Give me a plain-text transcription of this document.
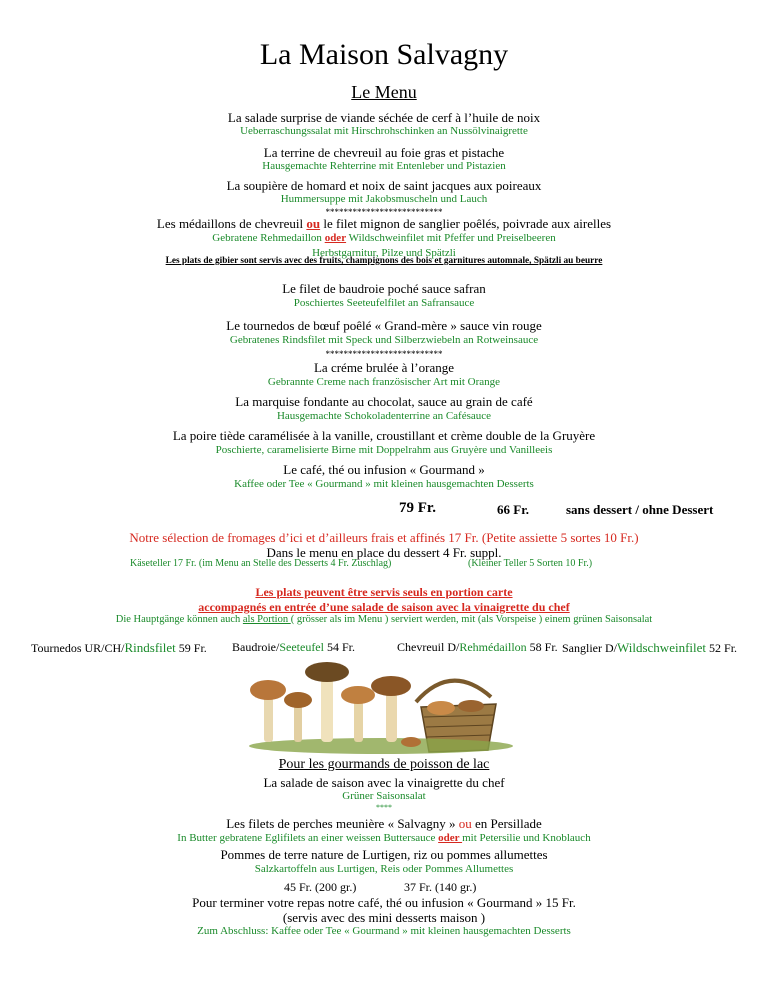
La Maison Salvagny
Le Menu
La salade surprise de viande séchée de cerf à l’huile de noix
Ueberraschungssalat mit Hirschrohschinken an Nussölvinaigrette
La terrine de chevreuil au foie gras et pistache
Hausgemachte Rehterrine mit Entenleber und Pistazien
La soupière de homard et noix de saint jacques aux poireaux
Hummersuppe mit Jakobsmuscheln und Lauch
**************************
Les médaillons de chevreuil ou le filet mignon de sanglier poêlés, poivrade aux airelles
Gebratene Rehmedaillon oder Wildschweinfilet mit Pfeffer und Preiselbeeren
Herbstgarnitur, Pilze und Spätzli
Les plats de gibier sont servis avec des fruits, champignons des bois et garnitures automnale, Spätzli au beurre
Le filet de baudroie poché sauce safran
Poschiertes Seeteufelfilet an Safransauce
Le tournedos de bœuf poêlé « Grand-mère » sauce vin rouge
Gebratenes Rindsfilet mit Speck und Silberzwiebeln an Rotweinsauce
**************************
La créme brulée à l’orange
Gebrannte Creme nach französischer Art mit Orange
La marquise fondante au chocolat, sauce au grain de café
Hausgemachte Schokoladenterrine an Cafésauce
La poire tiède caramélisée à la vanille, croustillant et crème double de la Gruyère
Poschierte, caramelisierte Birne mit Doppelrahm aus Gruyère und Vanilleeis
Le café, thé ou infusion « Gourmand »
Kaffee oder Tee « Gourmand » mit kleinen hausgemachten Desserts
79 Fr.	66 Fr.	sans dessert / ohne Dessert
Notre sélection de fromages d’ici et d’ailleurs frais et affinés 17 Fr. (Petite assiette 5 sortes 10 Fr.)
Dans le menu en place du dessert 4 Fr. suppl.
Käseteller 17 Fr. (im Menu an Stelle des Desserts 4 Fr. Zuschlag)	(Kleiner Teller 5 Sorten 10 Fr.)
Les plats peuvent être servis seuls en portion carte
accompagnés en entrée d’une salade de saison avec la vinaigrette du chef
Die Hauptgänge können auch als Portion ( grösser als im Menu ) serviert werden, mit (als Vorspeise ) einem grünen Saisonsalat
Tournedos UR/CH/Rindsfilet 59 Fr. Baudroie/Seeteufel 54 Fr.	Chevreuil D/Rehmédaillon 58 Fr. Sanglier D/Wildschweinfilet 52 Fr.
Pour les gourmands de poisson de lac
La salade de saison avec la vinaigrette du chef
Grüner Saisonsalat
****
Les filets de perches meunière « Salvagny » ou en Persillade
In Butter gebratene Eglifilets an einer weissen Buttersauce oder mit Petersilie und Knoblauch
Pommes de terre nature de Lurtigen, riz ou pommes allumettes
Salzkartoffeln aus Lurtigen, Reis oder Pommes Allumettes
45 Fr. (200 gr.)	37 Fr. (140 gr.)
Pour terminer votre repas notre café, thé ou infusion « Gourmand » 15 Fr.
(servis avec des mini desserts maison )
Zum Abschluss: Kaffee oder Tee « Gourmand » mit kleinen hausgemachten Desserts
